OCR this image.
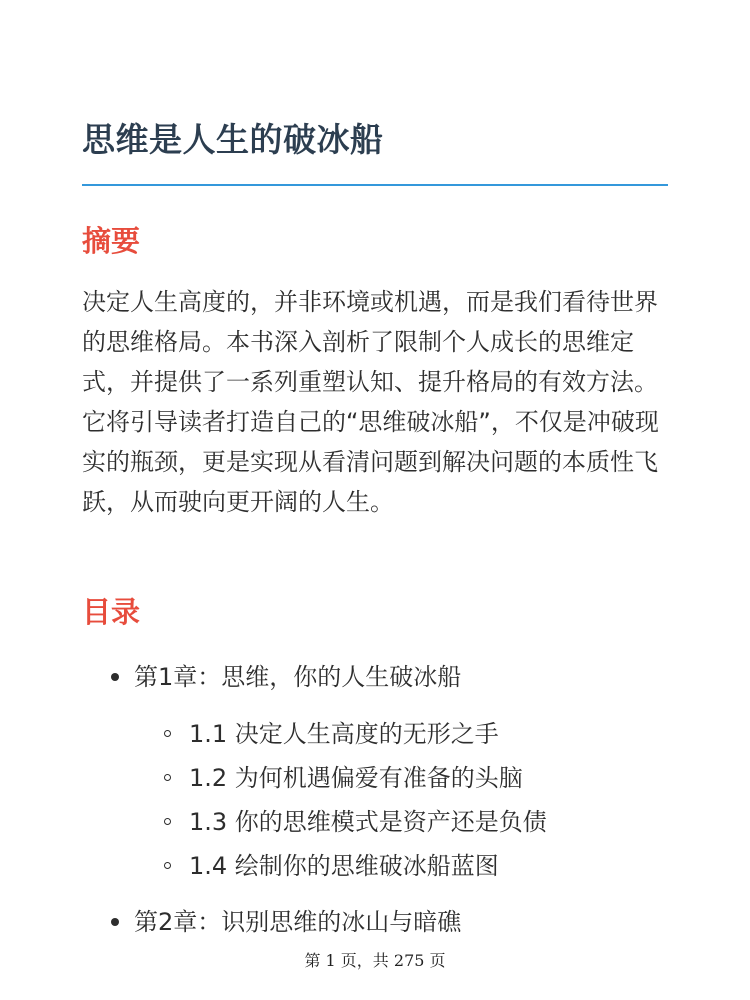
思维是人生的破冰船
摘要

决定人生高度的，并非环境或机遇，而是我们看待世界的思维格局。本书深入剖析了限制个人成长的思维定式，并提供了一系列重塑认知、提升格局的有效方法。它将引导读者打造自己的“思维破冰船”，不仅是冲破现实的瓶颈，更是实现从看清问题到解决问题的本质性飞跃，从而驶向更开阔的人生。

目录
第1章：思维，你的人生破冰船
1.1 决定人生高度的无形之手
1.2 为何机遇偏爱有准备的头脑
1.3 你的思维模式是资产还是负债
1.4 绘制你的思维破冰船蓝图
第2章：识别思维的冰山与暗礁
第 1 页，共 275 页
